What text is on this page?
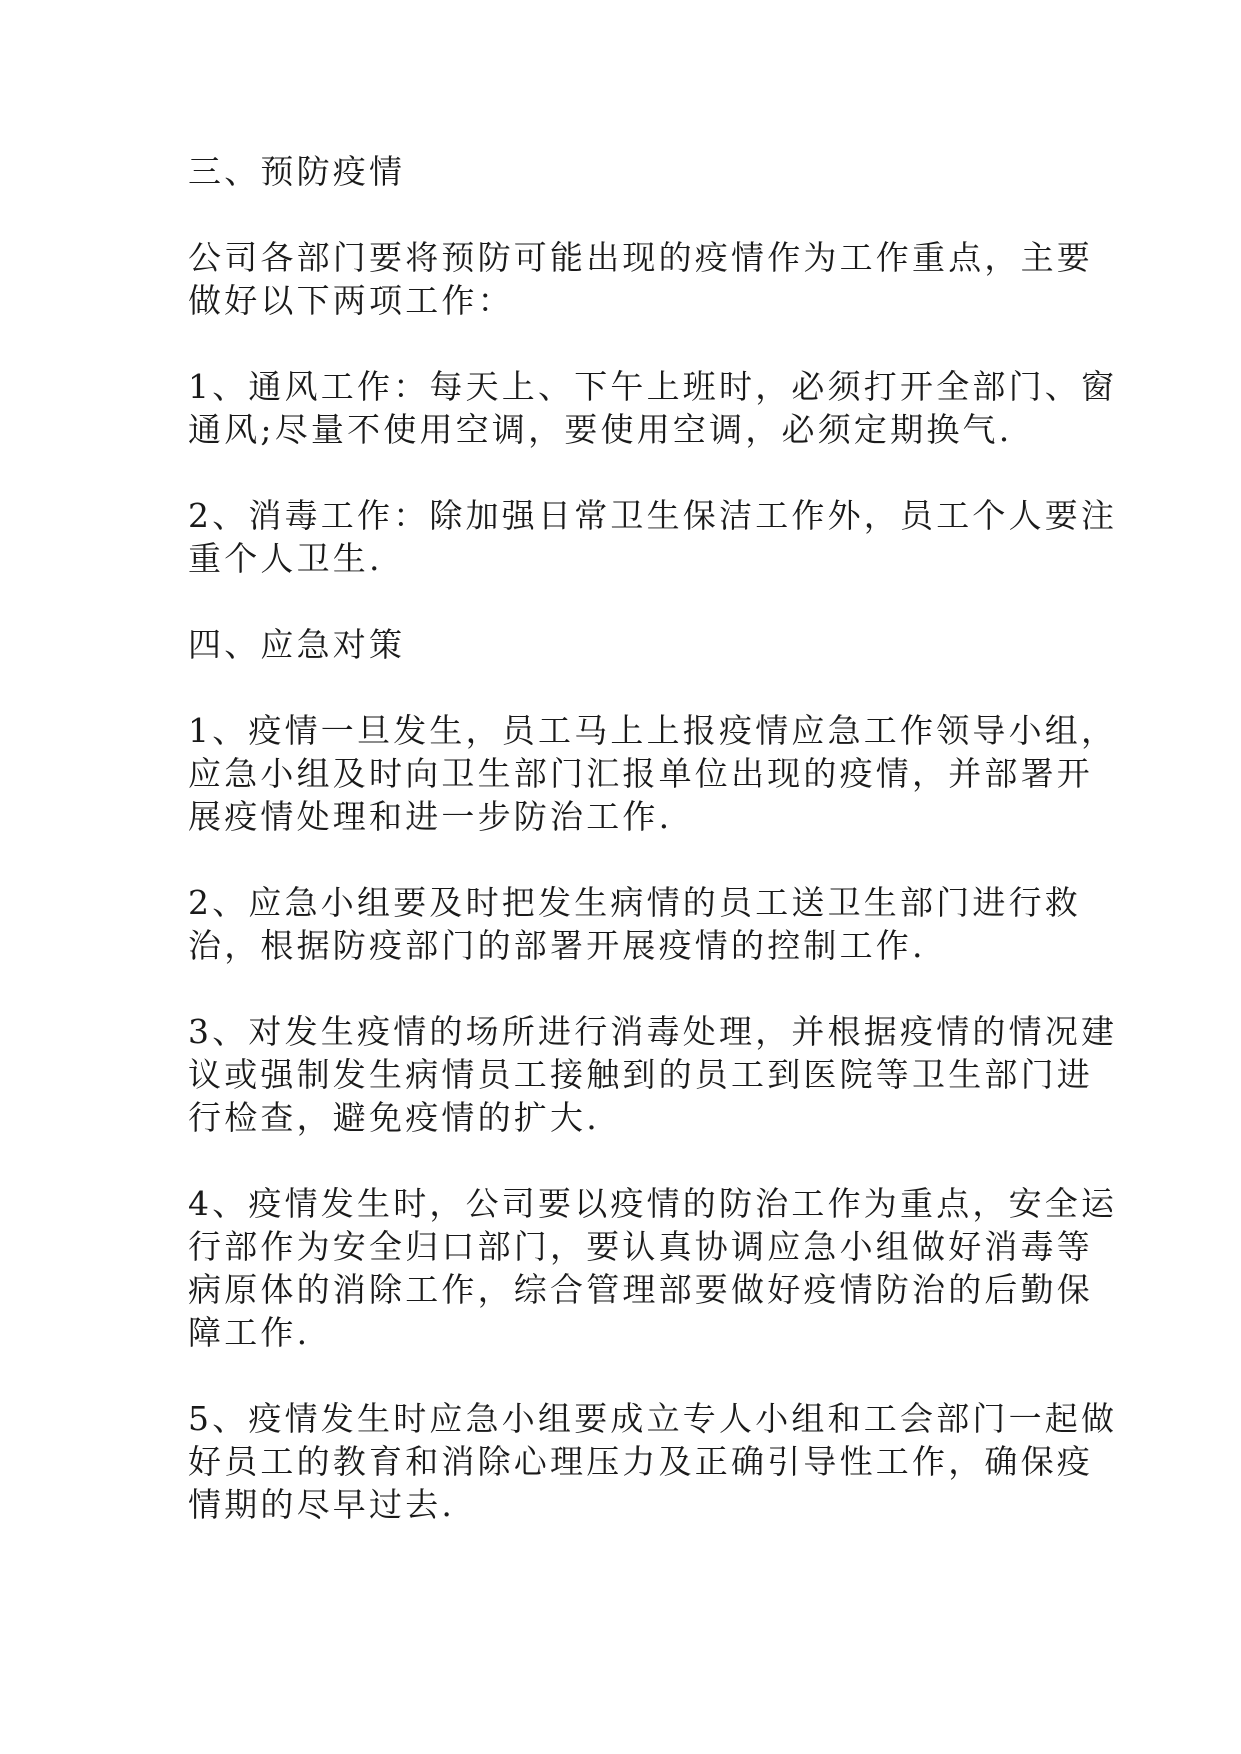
三、预防疫情

公司各部门要将预防可能出现的疫情作为工作重点，主要
做好以下两项工作：

1、通风工作：每天上、下午上班时，必须打开全部门、窗
通风;尽量不使用空调，要使用空调，必须定期换气.

2、消毒工作：除加强日常卫生保洁工作外，员工个人要注
重个人卫生.

四、应急对策

1、疫情一旦发生，员工马上上报疫情应急工作领导小组，
应急小组及时向卫生部门汇报单位出现的疫情，并部署开
展疫情处理和进一步防治工作.

2、应急小组要及时把发生病情的员工送卫生部门进行救
治，根据防疫部门的部署开展疫情的控制工作.

3、对发生疫情的场所进行消毒处理，并根据疫情的情况建
议或强制发生病情员工接触到的员工到医院等卫生部门进
行检查，避免疫情的扩大.

4、疫情发生时，公司要以疫情的防治工作为重点，安全运
行部作为安全归口部门，要认真协调应急小组做好消毒等
病原体的消除工作，综合管理部要做好疫情防治的后勤保
障工作.

5、疫情发生时应急小组要成立专人小组和工会部门一起做
好员工的教育和消除心理压力及正确引导性工作，确保疫
情期的尽早过去.
